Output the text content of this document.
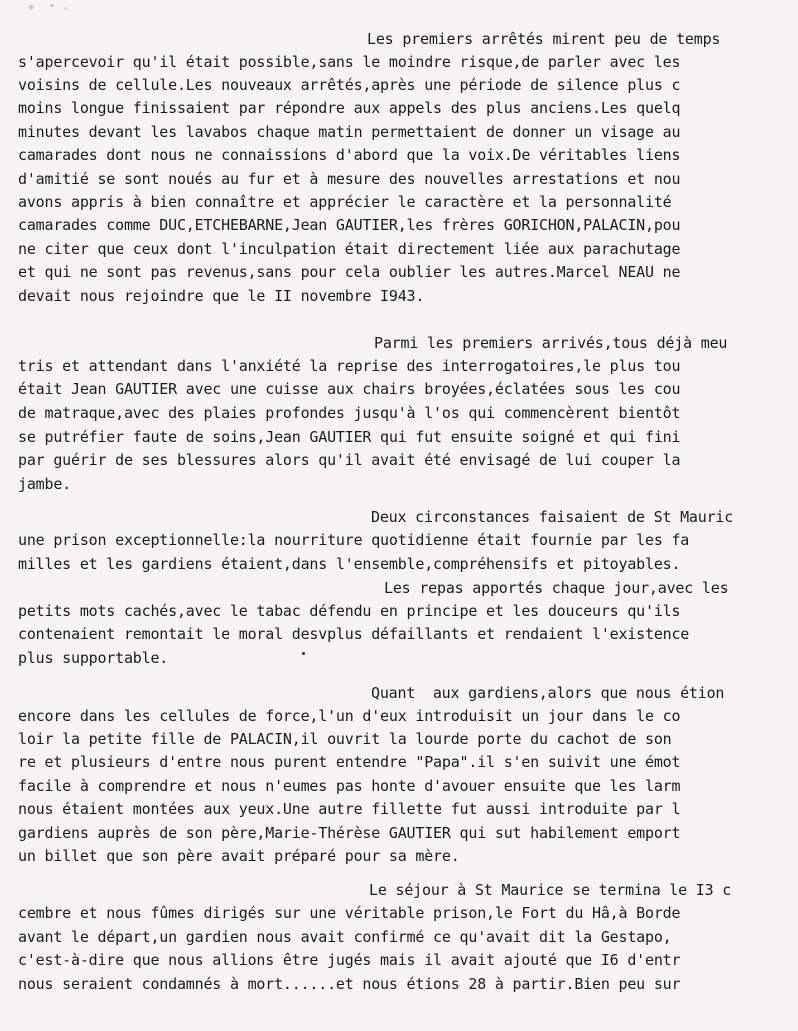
Les premiers arrêtés mirent peu de temps
s'apercevoir qu'il était possible,sans le moindre risque,de parler avec les
voisins de cellule.Les nouveaux arrêtés,après une période de silence plus c
moins longue finissaient par répondre aux appels des plus anciens.Les quelq
minutes devant les lavabos chaque matin permettaient de donner un visage au
camarades dont nous ne connaissions d'abord que la voix.De véritables liens
d'amitié se sont noués au fur et à mesure des nouvelles arrestations et nou
avons appris à bien connaître et apprécier le caractère et la personnalité
camarades comme DUC,ETCHEBARNE,Jean GAUTIER,les frères GORICHON,PALACIN,pou
ne citer que ceux dont l'inculpation était directement liée aux parachutage
et qui ne sont pas revenus,sans pour cela oublier les autres.Marcel NEAU ne
devait nous rejoindre que le II novembre I943.
Parmi les premiers arrivés,tous déjà meu
tris et attendant dans l'anxiété la reprise des interrogatoires,le plus tou
était Jean GAUTIER avec une cuisse aux chairs broyées,éclatées sous les cou
de matraque,avec des plaies profondes jusqu'à l'os qui commencèrent bientôt
se putréfier faute de soins,Jean GAUTIER qui fut ensuite soigné et qui fini
par guérir de ses blessures alors qu'il avait été envisagé de lui couper la
jambe.
Deux circonstances faisaient de St Mauric
une prison exceptionnelle:la nourriture quotidienne était fournie par les fa
milles et les gardiens étaient,dans l'ensemble,compréhensifs et pitoyables.
Les repas apportés chaque jour,avec les
petits mots cachés,avec le tabac défendu en principe et les douceurs qu'ils
contenaient remontait le moral desvplus défaillants et rendaient l'existence
plus supportable.
Quant  aux gardiens,alors que nous étion
encore dans les cellules de force,l'un d'eux introduisit un jour dans le co
loir la petite fille de PALACIN,il ouvrit la lourde porte du cachot de son
re et plusieurs d'entre nous purent entendre "Papa".il s'en suivit une émot
facile à comprendre et nous n'eumes pas honte d'avouer ensuite que les larm
nous étaient montées aux yeux.Une autre fillette fut aussi introduite par l
gardiens auprès de son père,Marie-Thérèse GAUTIER qui sut habilement emport
un billet que son père avait préparé pour sa mère.
Le séjour à St Maurice se termina le I3 c
cembre et nous fûmes dirigés sur une véritable prison,le Fort du Hâ,à Borde
avant le départ,un gardien nous avait confirmé ce qu'avait dit la Gestapo,
c'est-à-dire que nous allions être jugés mais il avait ajouté que I6 d'entr
nous seraient condamnés à mort......et nous étions 28 à partir.Bien peu sur
